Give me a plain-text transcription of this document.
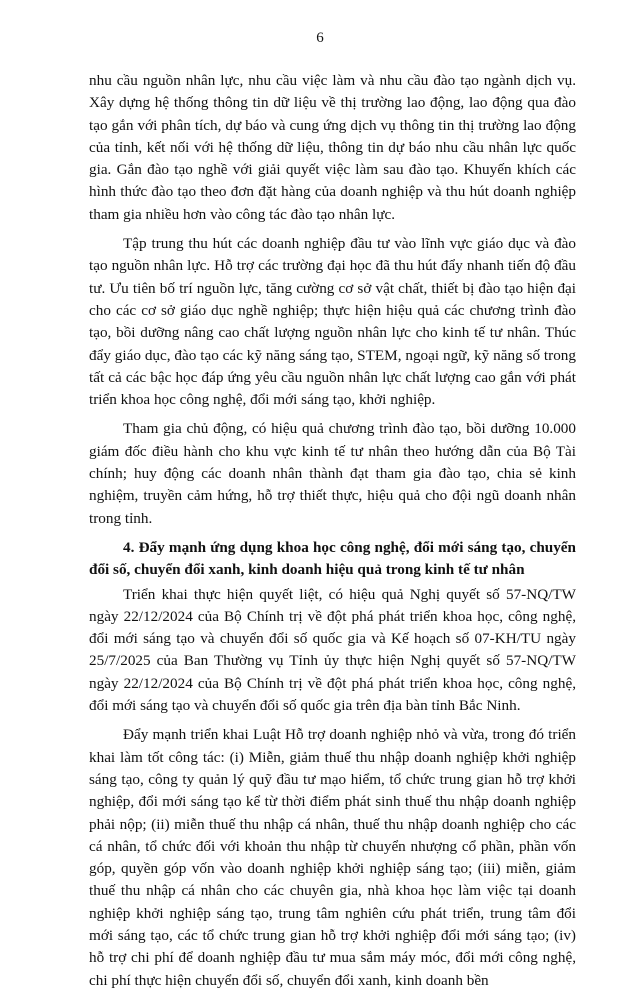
6

nhu cầu nguồn nhân lực, nhu cầu việc làm và nhu cầu đào tạo ngành dịch vụ. Xây dựng hệ thống thông tin dữ liệu về thị trường lao động, lao động qua đào tạo gắn với phân tích, dự báo và cung ứng dịch vụ thông tin thị trường lao động của tỉnh, kết nối với hệ thống dữ liệu, thông tin dự báo nhu cầu nhân lực quốc gia. Gắn đào tạo nghề với giải quyết việc làm sau đào tạo. Khuyến khích các hình thức đào tạo theo đơn đặt hàng của doanh nghiệp và thu hút doanh nghiệp tham gia nhiều hơn vào công tác đào tạo nhân lực.

Tập trung thu hút các doanh nghiệp đầu tư vào lĩnh vực giáo dục và đào tạo nguồn nhân lực. Hỗ trợ các trường đại học đã thu hút đẩy nhanh tiến độ đầu tư. Ưu tiên bố trí nguồn lực, tăng cường cơ sở vật chất, thiết bị đào tạo hiện đại cho các cơ sở giáo dục nghề nghiệp; thực hiện hiệu quả các chương trình đào tạo, bồi dưỡng nâng cao chất lượng nguồn nhân lực cho kinh tế tư nhân. Thúc đẩy giáo dục, đào tạo các kỹ năng sáng tạo, STEM, ngoại ngữ, kỹ năng số trong tất cả các bậc học đáp ứng yêu cầu nguồn nhân lực chất lượng cao gắn với phát triển khoa học công nghệ, đổi mới sáng tạo, khởi nghiệp.

Tham gia chủ động, có hiệu quả chương trình đào tạo, bồi dưỡng 10.000 giám đốc điều hành cho khu vực kinh tế tư nhân theo hướng dẫn của Bộ Tài chính; huy động các doanh nhân thành đạt tham gia đào tạo, chia sẻ kinh nghiệm, truyền cảm hứng, hỗ trợ thiết thực, hiệu quả cho đội ngũ doanh nhân trong tỉnh.

4. Đẩy mạnh ứng dụng khoa học công nghệ, đổi mới sáng tạo, chuyển đổi số, chuyển đổi xanh, kinh doanh hiệu quả trong kinh tế tư nhân

Triển khai thực hiện quyết liệt, có hiệu quả Nghị quyết số 57-NQ/TW ngày 22/12/2024 của Bộ Chính trị về đột phá phát triển khoa học, công nghệ, đổi mới sáng tạo và chuyển đổi số quốc gia và Kế hoạch số 07-KH/TU ngày 25/7/2025 của Ban Thường vụ Tỉnh ủy thực hiện Nghị quyết số 57-NQ/TW ngày 22/12/2024 của Bộ Chính trị về đột phá phát triển khoa học, công nghệ, đổi mới sáng tạo và chuyển đổi số quốc gia trên địa bàn tỉnh Bắc Ninh.

Đẩy mạnh triển khai Luật Hỗ trợ doanh nghiệp nhỏ và vừa, trong đó triển khai làm tốt công tác: (i) Miễn, giảm thuế thu nhập doanh nghiệp khởi nghiệp sáng tạo, công ty quản lý quỹ đầu tư mạo hiểm, tổ chức trung gian hỗ trợ khởi nghiệp, đổi mới sáng tạo kể từ thời điểm phát sinh thuế thu nhập doanh nghiệp phải nộp; (ii) miễn thuế thu nhập cá nhân, thuế thu nhập doanh nghiệp cho các cá nhân, tổ chức đối với khoản thu nhập từ chuyển nhượng cổ phần, phần vốn góp, quyền góp vốn vào doanh nghiệp khởi nghiệp sáng tạo; (iii) miễn, giảm thuế thu nhập cá nhân cho các chuyên gia, nhà khoa học làm việc tại doanh nghiệp khởi nghiệp sáng tạo, trung tâm nghiên cứu phát triển, trung tâm đổi mới sáng tạo, các tổ chức trung gian hỗ trợ khởi nghiệp đổi mới sáng tạo; (iv) hỗ trợ chi phí để doanh nghiệp đầu tư mua sắm máy móc, đổi mới công nghệ, chi phí thực hiện chuyển đổi số, chuyển đổi xanh, kinh doanh bền
